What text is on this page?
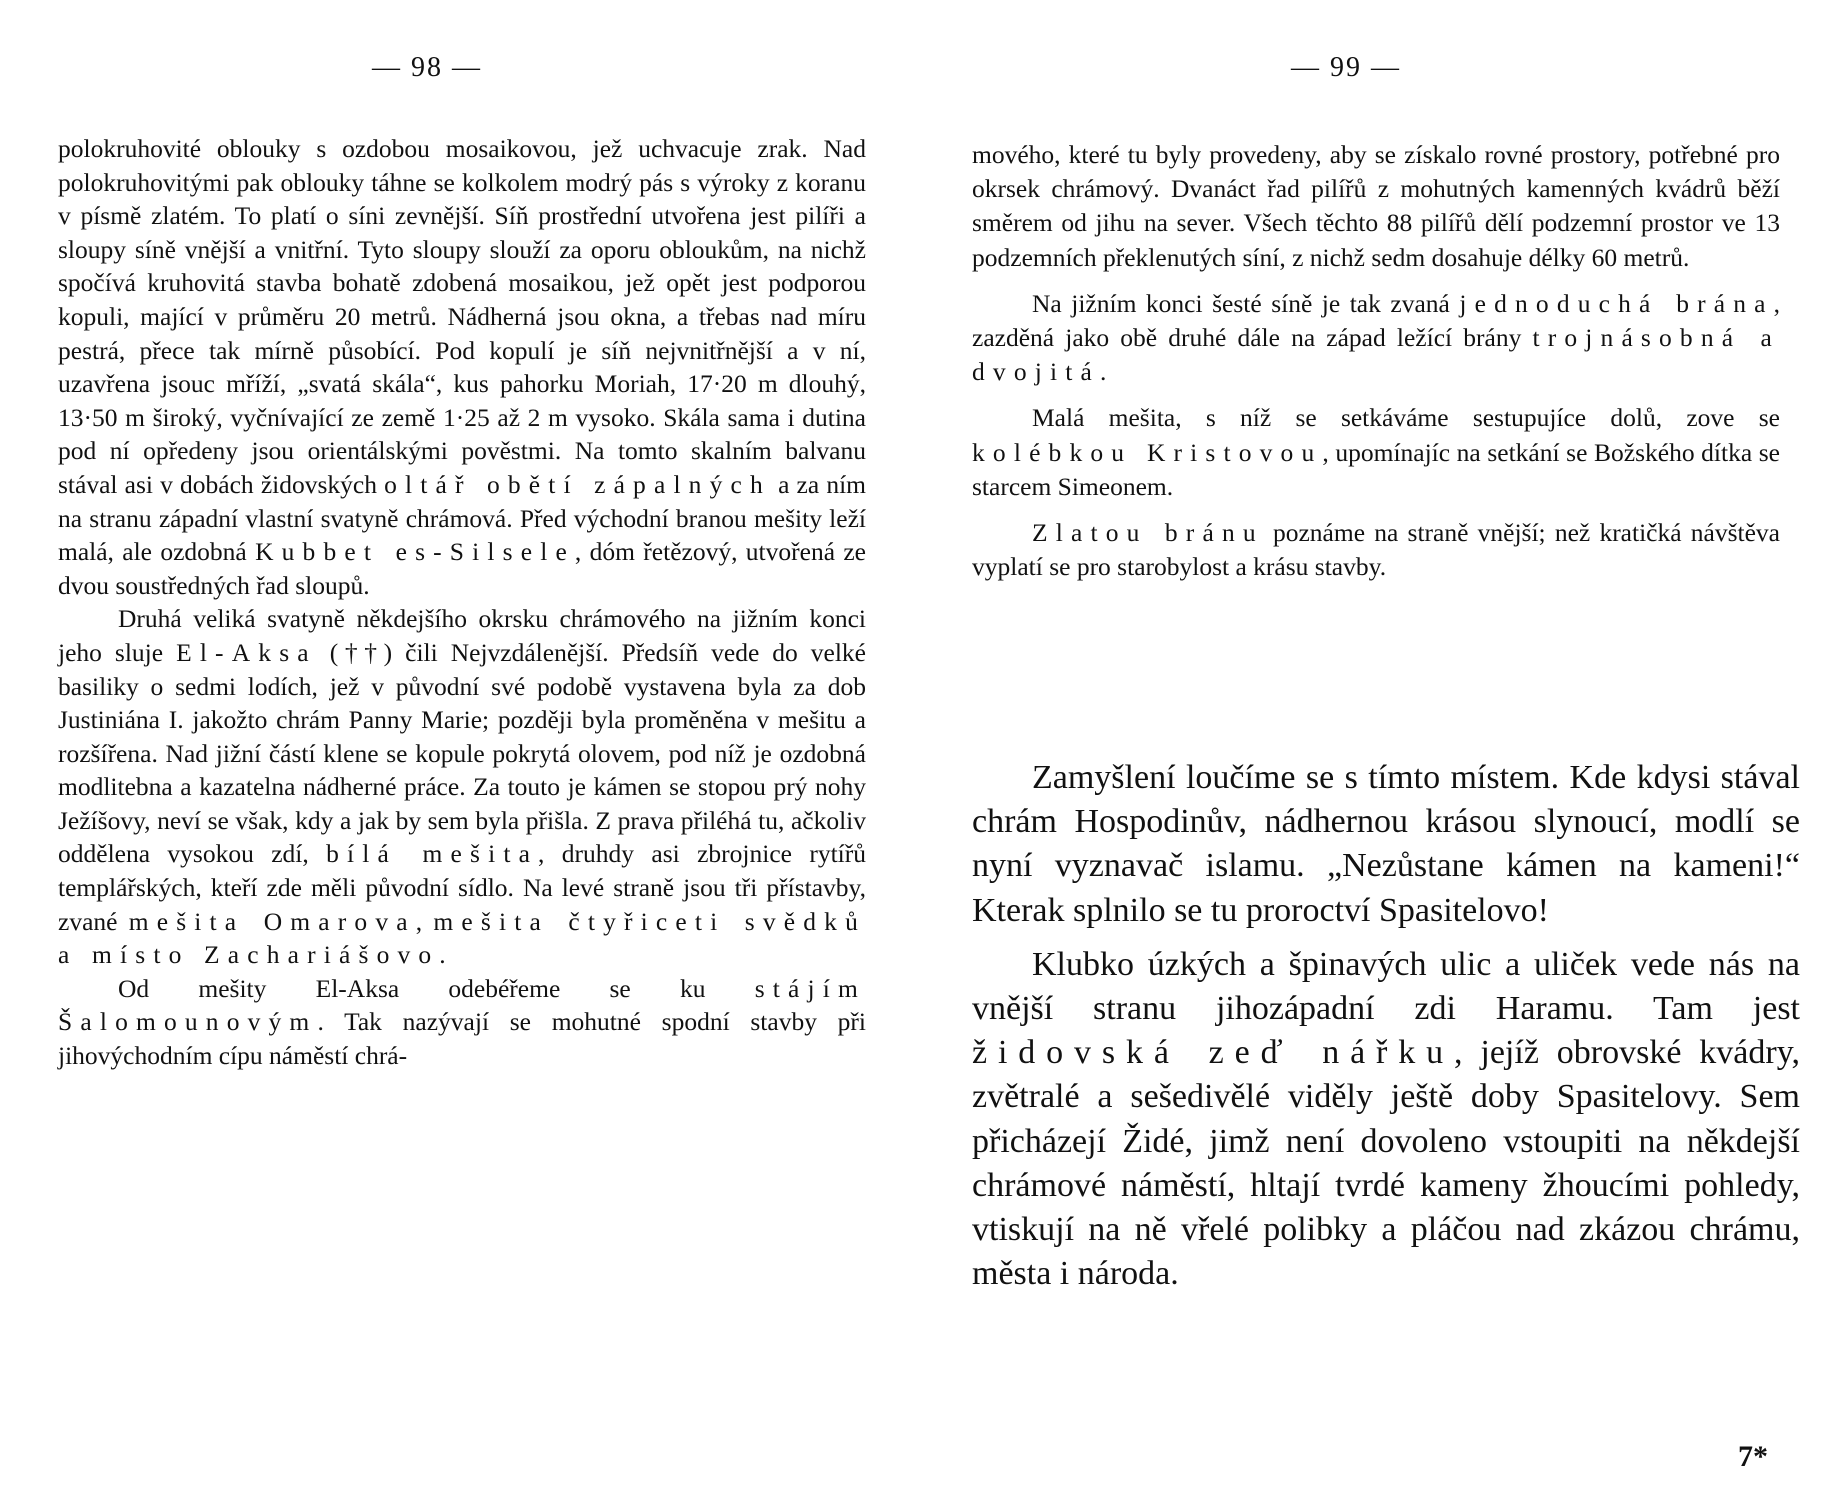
— 98 —

polokruhovité oblouky s ozdobou mosaikovou, jež uchvacuje zrak. Nad polokruhovitými pak oblouky táhne se kolkolem modrý pás s výroky z koranu v písmě zlatém. To platí o síni zevnější. Síň prostřední utvořena jest pilíři a sloupy síně vnější a vnitřní. Tyto sloupy slouží za oporu obloukům, na nichž spočívá kruhovitá stavba bohatě zdobená mosaikou, jež opět jest podporou kopuli, mající v průměru 20 metrů. Nádherná jsou okna, a třebas nad míru pestrá, přece tak mírně působící. Pod kopulí je síň nejvnitřnější a v ní, uzavřena jsouc mříží, „svatá skála“, kus pahorku Moriah, 17·20 m dlouhý, 13·50 m široký, vyčnívající ze země 1·25 až 2 m vysoko. Skála sama i dutina pod ní opředeny jsou orientálskými pověstmi. Na tomto skalním balvanu stával asi v dobách židovských oltář obětí zápalných a za ním na stranu západní vlastní svatyně chrámová. Před východní branou mešity leží malá, ale ozdobná Kubbet es-Silsele, dóm řetězový, utvořená ze dvou soustředných řad sloupů.

Druhá veliká svatyně někdejšího okrsku chrámového na jižním konci jeho sluje El-Aksa (††) čili Nejvzdálenější. Předsíň vede do velké basiliky o sedmi lodích, jež v původní své podobě vystavena byla za dob Justiniána I. jakožto chrám Panny Marie; později byla proměněna v mešitu a rozšířena. Nad jižní částí klene se kopule pokrytá olovem, pod níž je ozdobná modlitebna a kazatelna nádherné práce. Za touto je kámen se stopou prý nohy Ježíšovy, neví se však, kdy a jak by sem byla přišla. Z prava přiléhá tu, ačkoliv oddělena vysokou zdí, bílá mešita, druhdy asi zbrojnice rytířů templářských, kteří zde měli původní sídlo. Na levé straně jsou tři přístavby, zvané mešita Omarova, mešita čtyřiceti svědků a místo Zachariášovo.

Od mešity El-Aksa odebéřeme se ku stájím Šalomounovým. Tak nazývají se mohutné spodní stavby při jihovýchodním cípu náměstí chrá-

— 99 —

mového, které tu byly provedeny, aby se získalo rovné prostory, potřebné pro okrsek chrámový. Dvanáct řad pilířů z mohutných kamenných kvádrů běží směrem od jihu na sever. Všech těchto 88 pilířů dělí podzemní prostor ve 13 podzemních překlenutých síní, z nichž sedm dosahuje délky 60 metrů.

Na jižním konci šesté síně je tak zvaná jednoduchá brána, zazděná jako obě druhé dále na západ ležící brány trojnásobná a dvojitá.

Malá mešita, s níž se setkáváme sestupujíce dolů, zove se kolébkou Kristovou, upomínajíc na setkání se Božského dítka se starcem Simeonem.

Zlatou bránu poznáme na straně vnější; než kratičká návštěva vyplatí se pro starobylost a krásu stavby.

Zamyšlení loučíme se s tímto místem. Kde kdysi stával chrám Hospodinův, nádhernou krásou slynoucí, modlí se nyní vyznavač islamu. „Nezůstane kámen na kameni!“ Kterak splnilo se tu proroctví Spasitelovo!

Klubko úzkých a špinavých ulic a uliček vede nás na vnější stranu jihozápadní zdi Haramu. Tam jest židovská zeď nářku, jejíž obrovské kvádry, zvětralé a sešedivělé viděly ještě doby Spasitelovy. Sem přicházejí Židé, jimž není dovoleno vstoupiti na někdejší chrámové náměstí, hltají tvrdé kameny žhoucími pohledy, vtiskují na ně vřelé polibky a pláčou nad zkázou chrámu, města i národa.

7*
